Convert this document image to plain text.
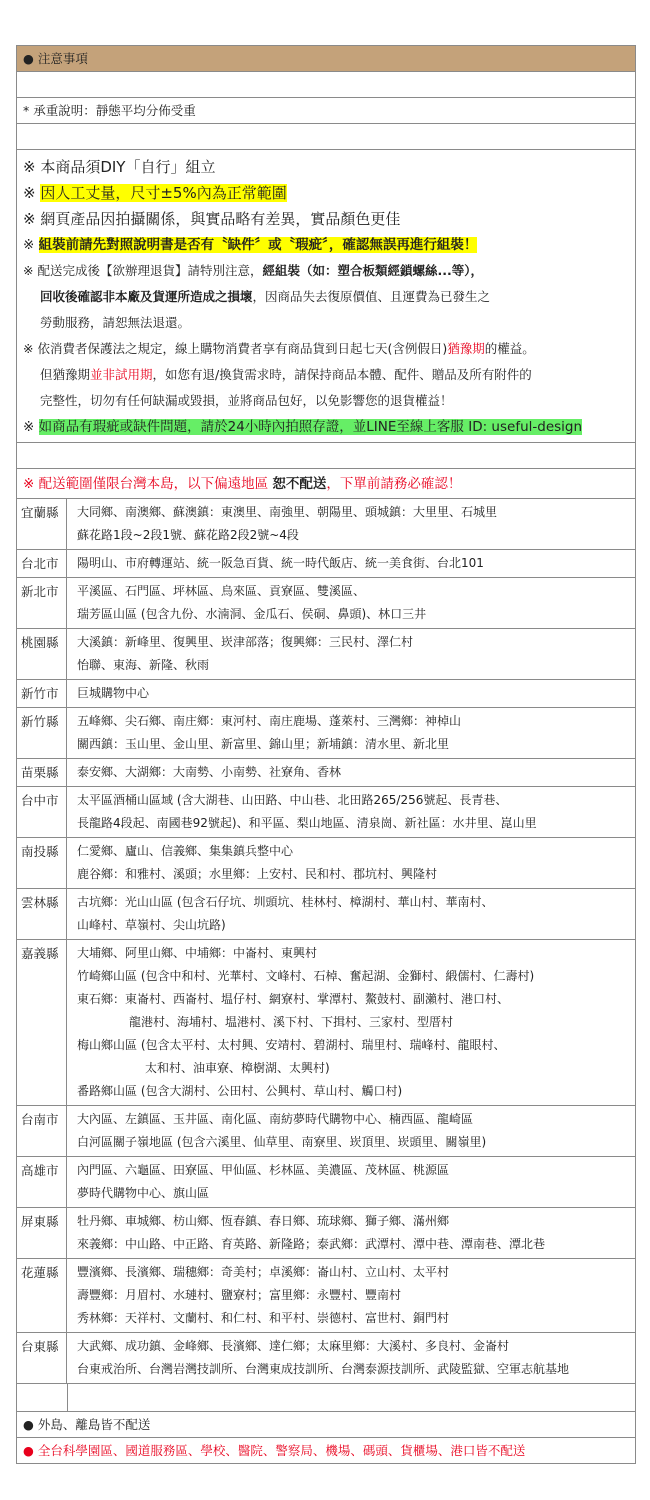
● 注意事項
* 承重說明：靜態平均分佈受重
※ 本商品須DIY「自行」組立
※ 因人工丈量，尺寸±5%內為正常範圍
※ 網頁產品因拍攝關係，與實品略有差異，實品顏色更佳
※ 組裝前請先對照說明書是否有〝缺件〞或〝瑕疵〞，確認無誤再進行組裝！
※ 配送完成後【欲辦理退貨】請特別注意，經組裝（如：塑合板類經鎖螺絲...等），
回收後確認非本廠及貨運所造成之損壞，因商品失去復原價值、且運費為已發生之
勞動服務，請恕無法退還。
※ 依消費者保護法之規定，線上購物消費者享有商品貨到日起七天(含例假日)猶豫期的權益。
但猶豫期並非試用期，如您有退/換貨需求時，請保持商品本體、配件、贈品及所有附件的
完整性，切勿有任何缺漏或毀損，並將商品包好，以免影響您的退貨權益！
※ 如商品有瑕疵或缺件問題，請於24小時內拍照存證，並LINE至線上客服 ID: useful-design
※ 配送範圍僅限台灣本島，以下偏遠地區 恕不配送，下單前請務必確認！
宜蘭縣	大同鄉、南澳鄉、蘇澳鎮：東澳里、南強里、朝陽里、頭城鎮：大里里、石城里
蘇花路1段~2段1號、蘇花路2段2號~4段
台北市	陽明山、市府轉運站、統一阪急百貨、統一時代飯店、統一美食街、台北101
新北市	平溪區、石門區、坪林區、烏來區、貢寮區、雙溪區、
瑞芳區山區 (包含九份、水湳洞、金瓜石、侯硐、鼻頭)、林口三井
桃園縣	大溪鎮：新峰里、復興里、崁津部落；復興鄉：三民村、澤仁村
怡聯、東海、新隆、秋雨
新竹市	巨城購物中心
新竹縣	五峰鄉、尖石鄉、南庄鄉：東河村、南庄鹿場、蓬萊村、三灣鄉：神棹山
關西鎮：玉山里、金山里、新富里、錦山里；新埔鎮：清水里、新北里
苗栗縣	泰安鄉、大湖鄉：大南勢、小南勢、社寮角、香林
台中市	太平區酒桶山區域 (含大湖巷、山田路、中山巷、北田路265/256號起、長青巷、
長龍路4段起、南國巷92號起)、和平區、梨山地區、清泉崗、新社區：水井里、崑山里
南投縣	仁愛鄉、廬山、信義鄉、集集鎮兵整中心
鹿谷鄉：和雅村、溪頭；水里鄉：上安村、民和村、郡坑村、興隆村
雲林縣	古坑鄉：光山山區 (包含石仔坑、圳頭坑、桂林村、樟湖村、華山村、華南村、
山峰村、草嶺村、尖山坑路)
嘉義縣	大埔鄉、阿里山鄉、中埔鄉：中崙村、東興村
竹崎鄉山區 (包含中和村、光華村、文峰村、石棹、奮起湖、金獅村、緞儒村、仁壽村)
東石鄉：東崙村、西崙村、塭仔村、網寮村、掌潭村、鰲鼓村、副瀨村、港口村、
龍港村、海埔村、塭港村、溪下村、下揖村、三家村、型厝村
梅山鄉山區 (包含太平村、太村興、安靖村、碧湖村、瑞里村、瑞峰村、龍眼村、
太和村、油車寮、樟樹湖、太興村)
番路鄉山區 (包含大湖村、公田村、公興村、草山村、觸口村)
台南市	大內區、左鎮區、玉井區、南化區、南紡夢時代購物中心、楠西區、龍崎區
白河區關子嶺地區 (包含六溪里、仙草里、南寮里、崁頂里、崁頭里、關嶺里)
高雄市	內門區、六龜區、田寮區、甲仙區、杉林區、美濃區、茂林區、桃源區
夢時代購物中心、旗山區
屏東縣	牡丹鄉、車城鄉、枋山鄉、恆春鎮、春日鄉、琉球鄉、獅子鄉、滿州鄉
來義鄉：中山路、中正路、育英路、新隆路；泰武鄉：武潭村、潭中巷、潭南巷、潭北巷
花蓮縣	豐濱鄉、長濱鄉、瑞穗鄉：奇美村；卓溪鄉：崙山村、立山村、太平村
壽豐鄉：月眉村、水璉村、鹽寮村；富里鄉：永豐村、豐南村
秀林鄉：天祥村、文蘭村、和仁村、和平村、崇德村、富世村、銅門村
台東縣	大武鄉、成功鎮、金峰鄉、長濱鄉、達仁鄉；太麻里鄉：大溪村、多良村、金崙村
台東戒治所、台灣岩灣技訓所、台灣東成技訓所、台灣泰源技訓所、武陵監獄、空軍志航基地
● 外島、離島皆不配送
● 全台科學園區、國道服務區、學校、醫院、警察局、機場、碼頭、貨櫃場、港口皆不配送
